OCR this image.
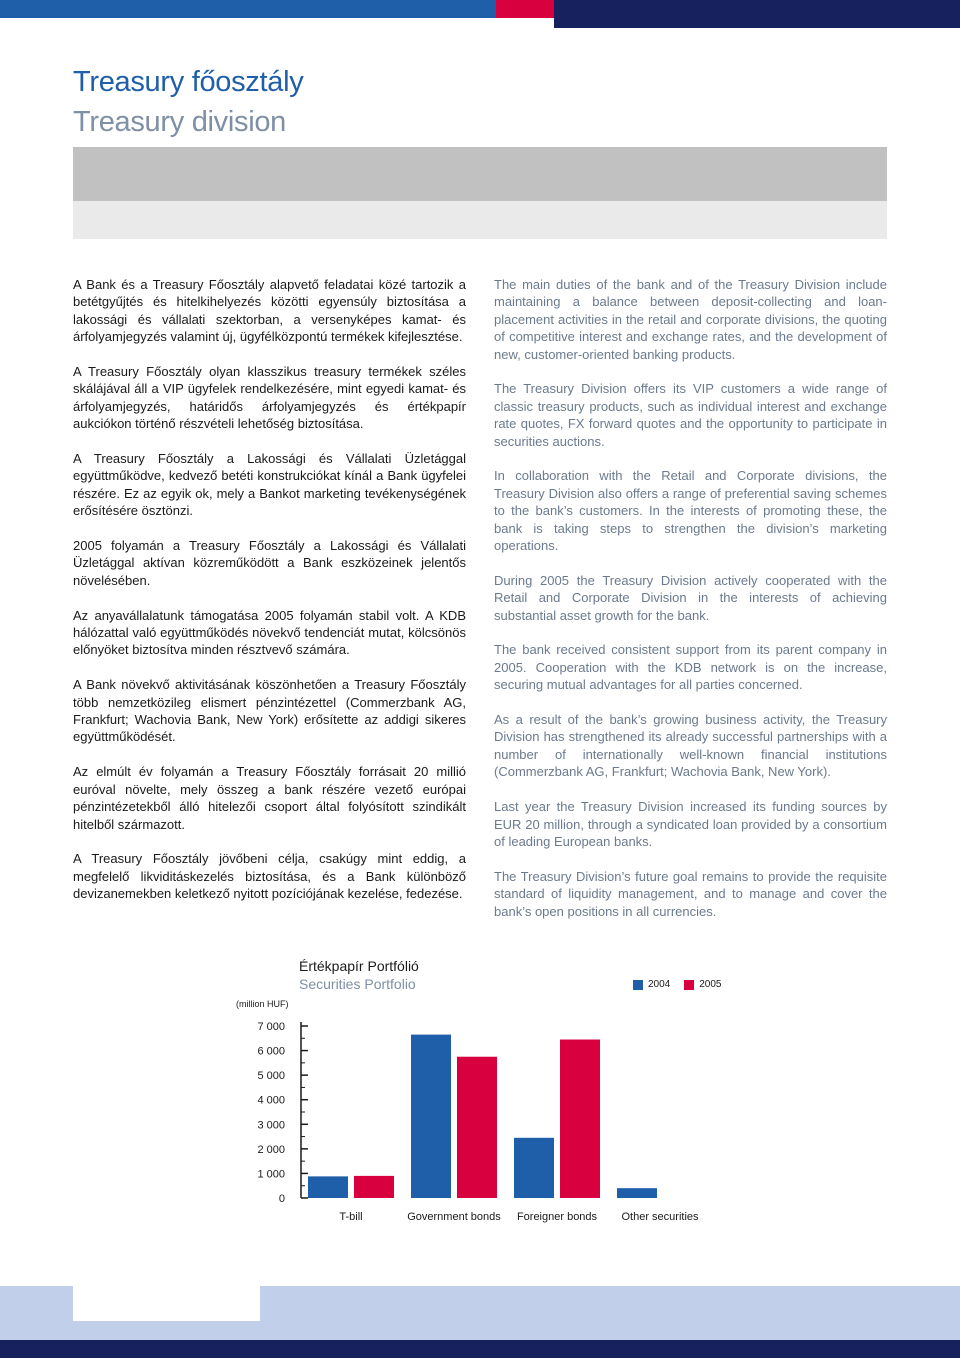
Treasury főosztály
Treasury division

A Bank és a Treasury Főosztály alapvető feladatai közé tartozik a betétgyűjtés és hitelkihelyezés közötti egyensúly biztosítása a lakossági és vállalati szektorban, a versenyképes kamat- és árfolyamjegyzés valamint új, ügyfélközpontú termékek kifejlesztése.

A Treasury Főosztály olyan klasszikus treasury termékek széles skálájával áll a VIP ügyfelek rendelkezésére, mint egyedi kamat- és árfolyamjegyzés, határidős árfolyamjegyzés és értékpapír aukciókon történő részvételi lehetőség biztosítása.

A Treasury Főosztály a Lakossági és Vállalati Üzletággal együttműködve, kedvező betéti konstrukciókat kínál a Bank ügyfelei részére. Ez az egyik ok, mely a Bankot marketing tevékenységének erősítésére ösztönzi.

2005 folyamán a Treasury Főosztály a Lakossági és Vállalati Üzletággal aktívan közreműködött a Bank eszközeinek jelentős növelésében.

Az anyavállalatunk támogatása 2005 folyamán stabil volt. A KDB hálózattal való együttműködés növekvő tendenciát mutat, kölcsönös előnyöket biztosítva minden résztvevő számára.

A Bank növekvő aktivitásának köszönhetően a Treasury Főosztály több nemzetközileg elismert pénzintézettel (Commerzbank AG, Frankfurt; Wachovia Bank, New York) erősítette az addigi sikeres együttműködését.

Az elmúlt év folyamán a Treasury Főosztály forrásait 20 millió euróval növelte, mely összeg a bank részére vezető európai pénzintézetekből álló hitelezői csoport által folyósított szindikált hitelből származott.

A Treasury Főosztály jövőbeni célja, csakúgy mint eddig, a megfelelő likviditáskezelés biztosítása, és a Bank különböző devizanemekben keletkező nyitott pozíciójának kezelése, fedezése.

The main duties of the bank and of the Treasury Division include maintaining a balance between deposit-collecting and loan-placement activities in the retail and corporate divisions, the quoting of competitive interest and exchange rates, and the development of new, customer-oriented banking products.

The Treasury Division offers its VIP customers a wide range of classic treasury products, such as individual interest and exchange rate quotes, FX forward quotes and the opportunity to participate in securities auctions.

In collaboration with the Retail and Corporate divisions, the Treasury Division also offers a range of preferential saving schemes to the bank’s customers. In the interests of promoting these, the bank is taking steps to strengthen the division’s marketing operations.

During 2005 the Treasury Division actively cooperated with the Retail and Corporate Division in the interests of achieving substantial asset growth for the bank.

The bank received consistent support from its parent company in 2005. Cooperation with the KDB network is on the increase, securing mutual advantages for all parties concerned.

As a result of the bank’s growing business activity, the Treasury Division has strengthened its already successful partnerships with a number of internationally well-known financial institutions (Commerzbank AG, Frankfurt; Wachovia Bank, New York).

Last year the Treasury Division increased its funding sources by EUR 20 million, through a syndicated loan provided by a consortium of leading European banks.

The Treasury Division’s future goal remains to provide the requisite standard of liquidity management, and to manage and cover the bank’s open positions in all currencies.

Értékpapír Portfólió
Securities Portfolio
(million HUF)
2004	2005
0
1 000
2 000
3 000
4 000
5 000
6 000
7 000
T-bill	Government bonds Foreigner bonds Other securities
